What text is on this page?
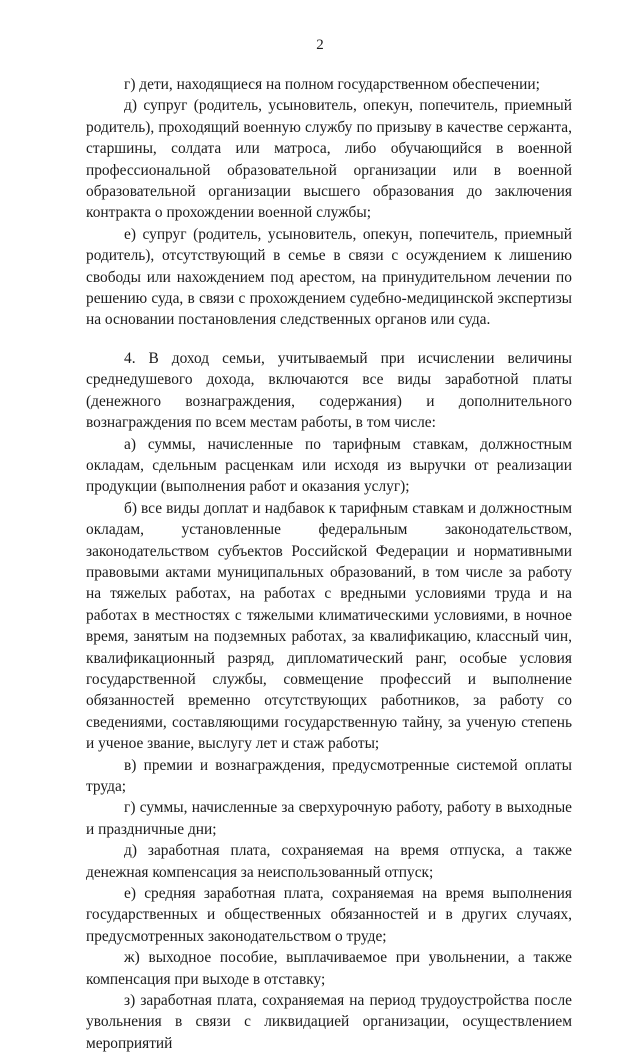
2

г) дети, находящиеся на полном государственном обеспечении;

д) супруг (родитель, усыновитель, опекун, попечитель, приемный родитель), проходящий военную службу по призыву в качестве сержанта, старшины, солдата или матроса, либо обучающийся в военной профессиональной образовательной организации или в военной образовательной организации высшего образования до заключения контракта о прохождении военной службы;

е) супруг (родитель, усыновитель, опекун, попечитель, приемный родитель), отсутствующий в семье в связи с осуждением к лишению свободы или нахождением под арестом, на принудительном лечении по решению суда, в связи с прохождением судебно-медицинской экспертизы на основании постановления следственных органов или суда.

4. В доход семьи, учитываемый при исчислении величины среднедушевого дохода, включаются все виды заработной платы (денежного вознаграждения, содержания) и дополнительного вознаграждения по всем местам работы, в том числе:

а) суммы, начисленные по тарифным ставкам, должностным окладам, сдельным расценкам или исходя из выручки от реализации продукции (выполнения работ и оказания услуг);

б) все виды доплат и надбавок к тарифным ставкам и должностным окладам, установленные федеральным законодательством, законодательством субъектов Российской Федерации и нормативными правовыми актами муниципальных образований, в том числе за работу на тяжелых работах, на работах с вредными условиями труда и на работах в местностях с тяжелыми климатическими условиями, в ночное время, занятым на подземных работах, за квалификацию, классный чин, квалификационный разряд, дипломатический ранг, особые условия государственной службы, совмещение профессий и выполнение обязанностей временно отсутствующих работников, за работу со сведениями, составляющими государственную тайну, за ученую степень и ученое звание, выслугу лет и стаж работы;

в) премии и вознаграждения, предусмотренные системой оплаты труда;

г) суммы, начисленные за сверхурочную работу, работу в выходные и праздничные дни;

д) заработная плата, сохраняемая на время отпуска, а также денежная компенсация за неиспользованный отпуск;

е) средняя заработная плата, сохраняемая на время выполнения государственных и общественных обязанностей и в других случаях, предусмотренных законодательством о труде;

ж) выходное пособие, выплачиваемое при увольнении, а также компенсация при выходе в отставку;

з) заработная плата, сохраняемая на период трудоустройства после увольнения в связи с ликвидацией организации, осуществлением мероприятий
